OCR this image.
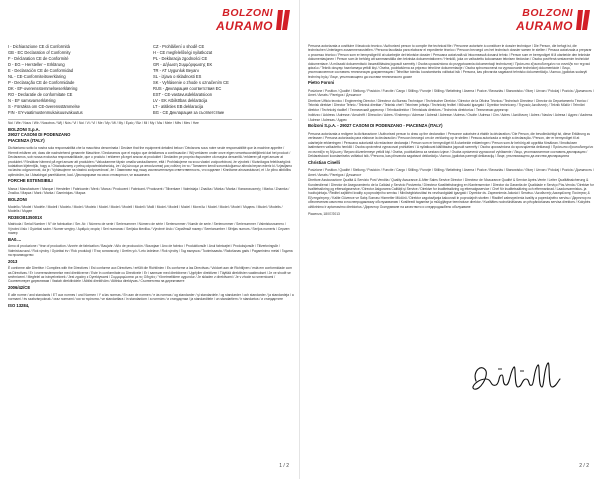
BOLZONI
AURAMO
I - Dichiarazione CE di Conformità
GB - EC Declaration of Conformity
F - Déclaration CE de Conformité
D - EG – Hersteller – Erklärung
E - Declaración CE de Conformidad
NL - CE-Conformiteitsverklaring
P - Declaração CE de Conformidade
DK - EF-overensstemmelseserklæring
RO - Declaratie de conformitate CE
N - EF samsvarserklæring
S - Försäkra om CE-överensstämmelse
FIN - EY-vaatimustenmukaisuusvakuutus
CZ - Prohlášení o shodě CE
H - CE megfelelőségi nyilatkozat
PL - Deklaracja zgodności CE
GR - Δήλωση Συμμόρφωσης ΕΚ
TR - AT Uygunluk Beyanı
SL - izjava o skladnosti ES
SK - Vyhlásenie o zhode s označením CE
RUS - Декларация соответствия ЕС
EST - CE-vastavusdeklaratsioon
LV - EK Atbilstības deklarācija
LT - atitikties EB deklaracija
BG - CE Декларация за съответствие

Noi / We / Nous / Wir / Nosotros / Wij / Nós / Vi / Noi / Vi / Vi / Me / My / Mi / My / Εμείς / Biz / Mi / My / Мы / Meie / Mēs / Mes / Ние

BOLZONI S.p.A.
29027 CASONI DI PODENZANO
PIACENZA (ITALY)

Dichiariamo sotto la nostra sola responsabilità che la macchina denominata / Declare that the equipment detailed below / Déclarons sous notre seule responsabilité que la machine appelée / Hiermit erklären wir, dass die nachstehend genannte Maschine / Declaramos que el equipo que detallamos a continuación / Wij verklaren onder onze eigen verantwoordelijkheid dat het product / Declaramos, sob nossa exclusiva responsabilidade, que o produto / erklærer på eget ansvar at produktet / Declarăm pe propria răspundere că maşina denumită / erklærer på eget ansvar at produktet / Försäkrar härmed på eget ansvar att produkten / Vakuutamme täysin omalla vastuullamme, että / Prohlašujeme na svou vlastní zodpovědnost, že výrobek / Kizárólagos felelősségünk tudatában kijelentjük, hogy a / Oświadczamy z pełną odpowiedzialnością, że / Δηλώνουμε με αποκλειστική μας ευθύνη ότι το / Tamamen kendi sorumluluğumuz altında beyan ederiz ki / Izjavljamo na lastno odgovornost, da je / Vyhlasujeme na vlastnú zodpovednosť, že / Заявляем под нашу исключительную ответственность, что изделие / Kinnitame ainuvastutusel, et / Ar pilnu atbildību apliecinām, ka / Atsakingai pareiškiame, kad / Декларираме на своя отговорност, че машината

FORCHE ESTENSIBILI

Marca / Manufacturer / Marque / Hersteller / Fabricante / Merk / Marca / Producent / Fabricant / Produsent / Tillverkare / Valmistaja / Značka / Márka / Marka / Κατασκευαστής / Marka / Znamka / Značka / Марка / Mark / Marka / Gamintojas / Марка

BOLZONI

Modello / Model / Modèle / Modell / Modelo / Model / Modelo / Model / Model / Modell / Modell / Malli / Model / Modell / Model / Μοντέλο / Model / Model / Model / Модель / Mudel / Modelis / Modelis / Модел

RD3EOB135001X

Matricola / Serial Number / N° de fabrication / Ser.-Nr. / Número de serie / Serienummer / Número de série / Serienummer / Număr de serie / Serienummer / Serienummer / Valmistusnumero / Výrobní číslo / Gyártási szám / Numer seryjny / Αριθμός σειράς / Seri numarası / Serijska številka / Výrobné číslo / Серийный номер / Seerianumber / Sērijas numurs / Serijos numeris / Сериен номер

BA0....

Anno di produzione / Year of production / Année de fabrication / Baujahr / Año de producción / Bouwjaar / Ano de fabrico / Produktionsår / Anul fabricaţiei / Produksjonsår / Tillverkningsår / Valmistusvuosi / Rok výroby / Gyártási év / Rok produkcji / Έτος κατασκευής / Üretim yılı / Leto izdelave / Rok výroby / Год выпуска / Tootmisaasta / Ražošanas gads / Pagaminimo metai / Година на производство

2013

È conforme alle Direttive / Complies with the Directives / Est conforme aux Directives / erfüllt die Richtlinien / Es conforme a las Directivas / Voldoet aan de Richtlijnen / está em conformidade com as Directivas / Er i overensstemmelse med direktiverne / Este în conformitate cu Directivele / Er i samsvar med direktivene / Uppfyller direktiven / Täyttää direktiivien vaatimukset / Je ve shodě se směrnicemi / Megfelel az irányelveknek / Jest zgodny z Dyrektywami / Συμμορφώνεται με τις Οδηγίες / Yönetmeliklere uygundur / Je skladen z direktivami / Je v zhode so smernicami / Соответствует директивам / Vastab direktiividele / Atbilst direktīvām / Atitinka direktyvas / Съответства на директивите

2006/42/CE

E alle norme / and standards / ET aux normes / und Normen / Y a las normas / En aan de normen / e às normas / og standarder / şi standardele / og standarder / och standarder / ja standardeja / a normami / és szabványoknak / oraz normami / και τα πρότυπα / ve standartlara / in standardom / a normám / и стандартам / ja standarditele / un standartiem / ir standartus / и стандартите

ISO 13284,
1 / 2
BOLZONI
AURAMO

Persona autorizzata a costituire il fascicolo tecnico / Authorized person to compile the technical file / Personne autorisée à constituer le dossier technique / Die Person, die befugt ist, die technischen Unterlagen zusammenzustellen / Persona facultada para elaborar el expediente técnico / Persoon bevoegd om het technisch dossier samen te stellen / Pessoa autorizada a preparar o processo técnico / Person som er bemyndiget til at udarbejde det tekniske dossier / Persoana autorizată să întocmească dosarul tehnic / Person som er bemyndiget til å utarbeide den tekniske dokumentasjonen / Person som är behörig att sammanställa den tekniska dokumentationen / Henkilö, joka on valtuutettu kokoamaan teknisen tiedoston / Osoba pověřená sestavením technické dokumentace / A műszaki dokumentáció összeállítására jogosult személy / Osoba upoważniona do przygotowania dokumentacji technicznej / Πρόσωπο εξουσιοδοτημένο να συντάξει τον τεχνικό φάκελο / Teknik dosyayı hazırlamaya yetkili kişi / Oseba, pooblaščena za pripravo tehnične dokumentacije / Osoba splnomocnená na vypracovanie technickej dokumentácie / Лицо, уполномоченное составить техническую документацию / Tehnilise toimiku koostamiseks volitatud isik / Persona, kas pilnvarota sagatavot tehnisko dokumentāciju / Asmuo, įgaliotas sudaryti techninę bylą / Лице, упълномощено да състави техническото досие

Pietro Foroni

Posizione / Position / Qualité / Stellung / Posición / Functie / Cargo / Stilling / Funcţie / Stilling / Befattning / Asema / Pozice / Beosztás / Stanowisko / Θέση / Unvan / Položaj / Pozícia / Должность / Amet / Amats / Pareigos / Длъжност

Direttore Ufficio tecnico / Engineering Director / Directeur du Bureau Technique / Technischer Direktor / Director de la Oficina Técnica / Technisch Directeur / Director do Departamento Técnico / Teknisk direktør / Director Tehnic / Teknisk direktør / Teknisk chef / Tekninen johtaja / Technický ředitel / Műszaki igazgató / Dyrektor techniczny / Τεχνικός Διευθυντής / Teknik Müdür / Tehnični direktor / Technický riaditeľ / Технический директор / Tehnikadirektor / Tehniskais direktors / Techninis direktorius / Технически директор

Indirizzo / Address / Adresse / Anschrift / Dirección / Adres / Endereço / Adresse / Adresă / Adresse / Adress / Osoite / Adresa / Cím / Adres / Διεύθυνση / Adres / Naslov / Adresa / Адрес / Aadress / Adrese / Adresas / Адрес

Bolzoni S.p.A. - 29027 CASONI DI PODENZANO - PIACENZA (ITALY)

Persona autorizzata a redigere la dichiarazione / Authorised person to draw up the declaration / Personne autorisée à établir la déclaration / Die Person, die bevollmächtigt ist, diese Erklärung zu verfassen / Persona autorizada para elaborar la declaración / Persoon bevoegd om de verklaring op te stellen / Pessoa autorizada a redigir a declaração / Person, der er bemyndiget til at udarbejde erklæringen / Persoana autorizată să redacteze declaraţia / Person som er bemyndiget til å utarbeide erklæringen / Person som är behörig att upprätta försäkran / Ilmoituksen laatimiseen valtuutettu henkilö / Osoba oprávněná vypracovat prohlášení / A nyilatkozat kiállítására jogosult személy / Osoba upoważniona do sporządzenia deklaracji / Πρόσωπο εξουσιοδοτημένο να συντάξει τη δήλωση / Beyanı düzenlemeye yetkili kişi / Oseba, pooblaščena za sestavo izjave / Osoba oprávnená vypracovať vyhlásenie / Лицо, уполномоченное составить декларацию / Deklaratsiooni koostamiseks volitatud isik / Persona, kas pilnvarota sagatavot deklarāciju / Asmuo, įgaliotas parengti deklaraciją / Лице, упълномощено да изготви декларацията

Christian Cinelli

Posizione / Position / Qualité / Stellung / Posición / Functie / Cargo / Stilling / Funcţie / Stilling / Befattning / Asema / Pozice / Beosztás / Stanowisko / Θέση / Unvan / Položaj / Pozícia / Должность / Amet / Amats / Pareigos / Длъжност

Direttore Assicurazione Qualità & Servizio Post Vendita / Quality Assurance & After Sales Service Director / Directeur de l'Assurance Qualité & Service Après-Vente / Leiter Qualitätssicherung & Kundendienst / Director de Aseguramiento de la Calidad y Servicio Postventa / Directeur Kwaliteitsborging en Klantenservice / Director da Garantia de Qualidade e Serviço Pós-Venda / Direktør for kvalitetssikring og eftersalgsservice / Director Asigurarea Calităţii şi Service / Direktør for kvalitetssikring og ettersalgsservice / Chef för kvalitetssäkring och eftermarknad / Laadunvarmistus- ja huoltojohtaja / Ředitel zajištění kvality a poprodejního servisu / Minőségbiztosítási és vevőszolgálati igazgató / Dyrektor ds. Zapewnienia Jakości i Serwisu / Διευθυντής Διασφάλισης Ποιότητας & Εξυπηρέτησης / Kalite Güvence ve Satış Sonrası Hizmetler Müdürü / Direktor zagotavljanja kakovosti in poprodajnih storitev / Riaditeľ zabezpečenia kvality a popredajného servisu / Директор по обеспечению качества и послепродажному обслуживанию / Kvaliteedi tagamise ja müügijärgse teeninduse direktor / Kvalitātes nodrošināšanas un pēcpārdošanas servisa direktors / Kokybės užtikrinimo ir aptarnavimo direktorius / Директор Осигуряване на качеството и следпродажбено обслужване

Piacenza, 18/07/2013

2 / 2
